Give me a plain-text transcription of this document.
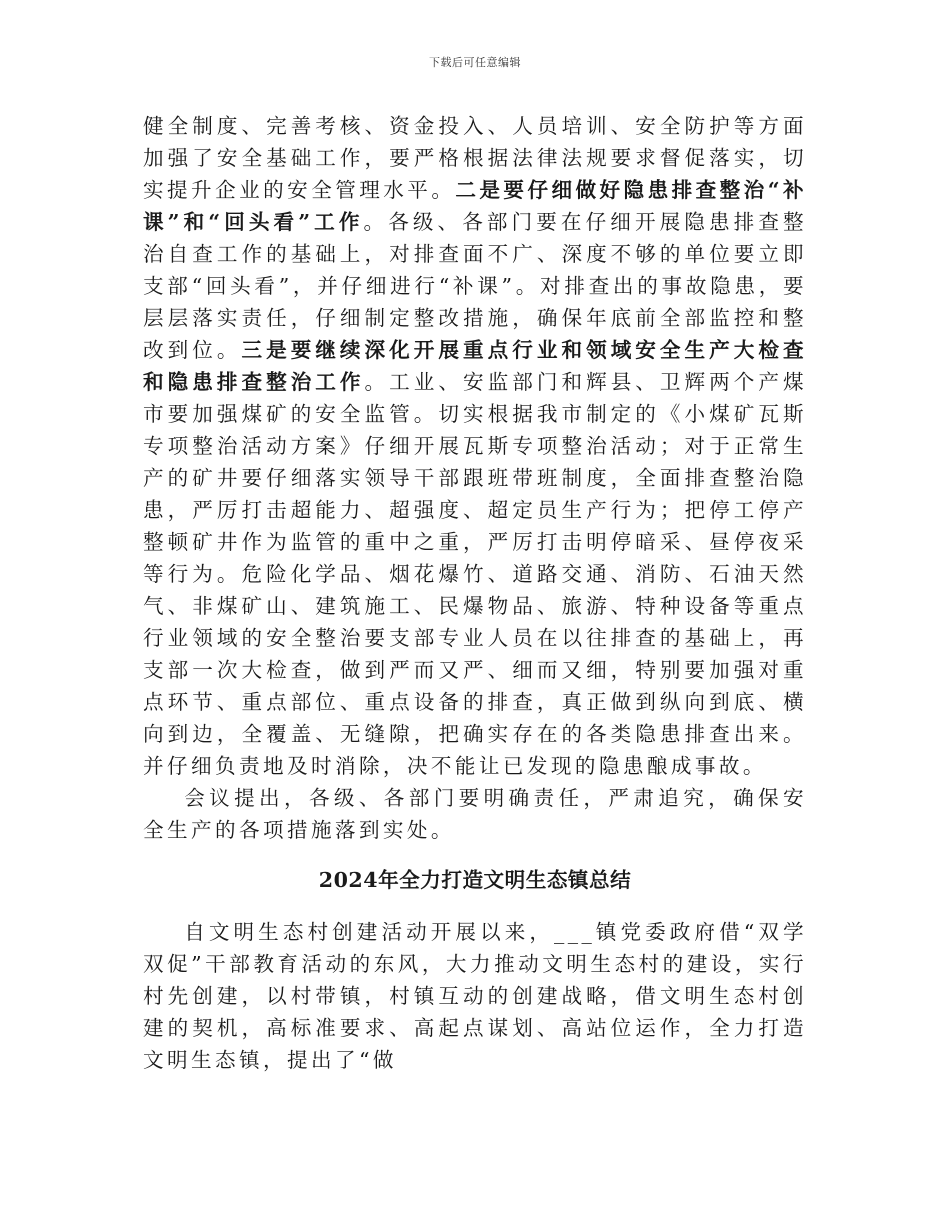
下载后可任意编辑

健全制度、完善考核、资金投入、人员培训、安全防护等方面加强了安全基础工作，要严格根据法律法规要求督促落实，切实提升企业的安全管理水平。二是要仔细做好隐患排查整治“补课”和“回头看”工作。各级、各部门要在仔细开展隐患排查整治自查工作的基础上，对排查面不广、深度不够的单位要立即支部“回头看”，并仔细进行“补课”。对排查出的事故隐患，要层层落实责任，仔细制定整改措施，确保年底前全部监控和整改到位。三是要继续深化开展重点行业和领域安全生产大检查和隐患排查整治工作。工业、安监部门和辉县、卫辉两个产煤市要加强煤矿的安全监管。切实根据我市制定的《小煤矿瓦斯专项整治活动方案》仔细开展瓦斯专项整治活动；对于正常生产的矿井要仔细落实领导干部跟班带班制度，全面排查整治隐患，严厉打击超能力、超强度、超定员生产行为；把停工停产整顿矿井作为监管的重中之重，严厉打击明停暗采、昼停夜采等行为。危险化学品、烟花爆竹、道路交通、消防、石油天然气、非煤矿山、建筑施工、民爆物品、旅游、特种设备等重点行业领域的安全整治要支部专业人员在以往排查的基础上，再支部一次大检查，做到严而又严、细而又细，特别要加强对重点环节、重点部位、重点设备的排查，真正做到纵向到底、横向到边，全覆盖、无缝隙，把确实存在的各类隐患排查出来。并仔细负责地及时消除，决不能让已发现的隐患酿成事故。

会议提出，各级、各部门要明确责任，严肃追究，确保安全生产的各项措施落到实处。

2024年全力打造文明生态镇总结

自文明生态村创建活动开展以来，___镇党委政府借“双学双促”干部教育活动的东风，大力推动文明生态村的建设，实行村先创建，以村带镇，村镇互动的创建战略，借文明生态村创建的契机，高标准要求、高起点谋划、高站位运作，全力打造文明生态镇，提出了“做
